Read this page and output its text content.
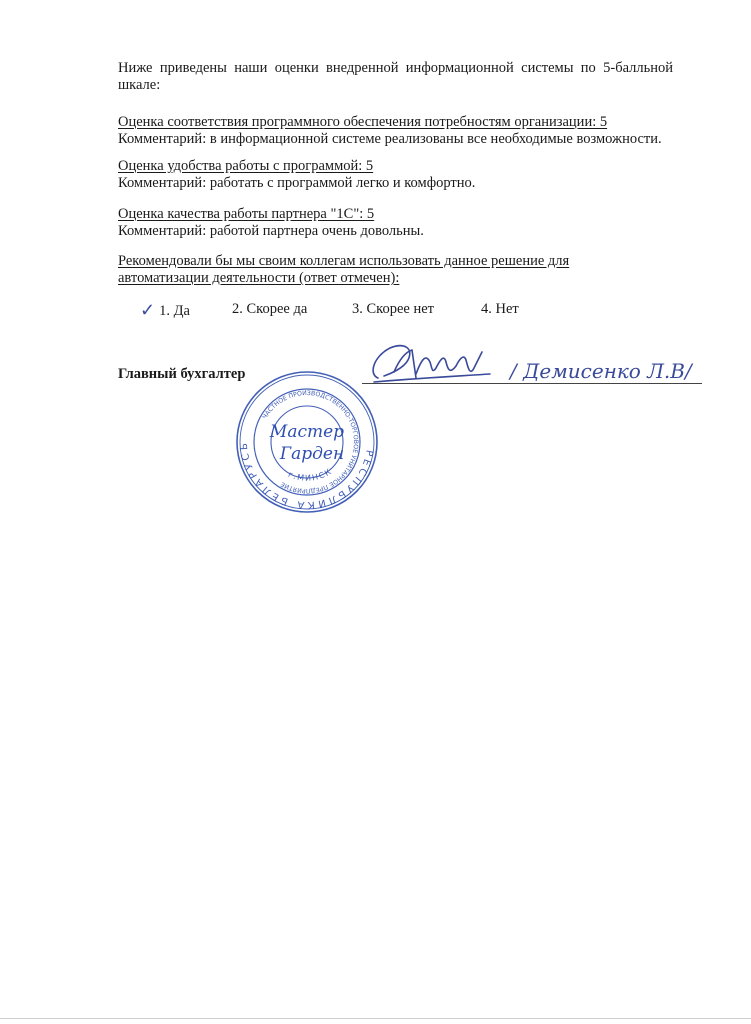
Ниже приведены наши оценки внедренной информационной системы по 5-балльной шкале:
Оценка соответствия программного обеспечения потребностям организации: 5
Комментарий: в информационной системе реализованы все необходимые возможности.
Оценка удобства работы с программой: 5
Комментарий: работать с программой легко и комфортно.
Оценка качества работы партнера "1С": 5
Комментарий: работой партнера очень довольны.
Рекомендовали бы мы своим коллегам использовать данное решение для автоматизации деятельности (ответ отмечен):
✓ 1. Да	2. Скорее да	3. Скорее нет	4. Нет
Главный бухгалтер	/ Демисенко Л.В/
РЕСПУБЛИКА БЕЛАРУСЬ
ЧАСТНОЕ ПРОИЗВОДСТВЕННО-ТОРГОВОЕ УНИТАРНОЕ ПРЕДПРИЯТИЕ
г.МИНСК
Мастер
Гарден
